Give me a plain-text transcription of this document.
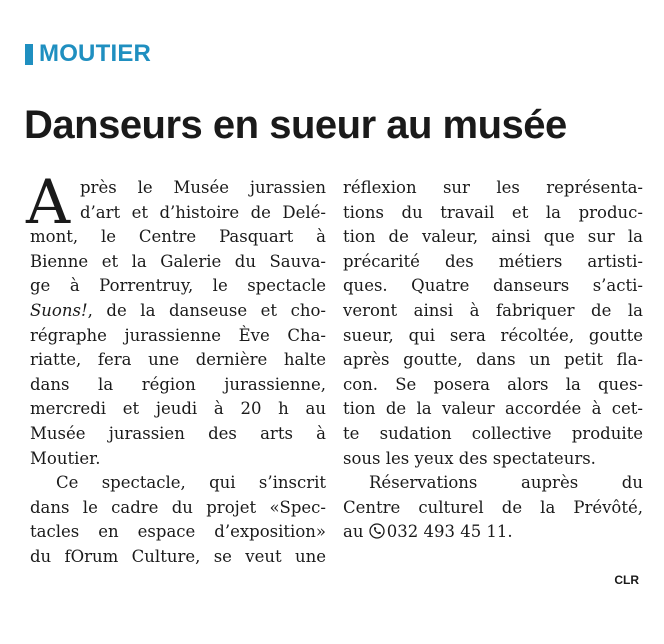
MOUTIER
Danseurs en sueur au musée
A près le Musée jurassien
d’art et d’histoire de Delé-
mont, le Centre Pasquart à
Bienne et la Galerie du Sauva-
ge à Porrentruy, le spectacle
Suons!, de la danseuse et cho-
régraphe jurassienne Ève Cha-
riatte, fera une dernière halte
dans la région jurassienne,
mercredi et jeudi à 20 h au
Musée jurassien des arts à
Moutier.
Ce spectacle, qui s’inscrit
dans le cadre du projet «Spec-
tacles en espace d’exposition»
du fOrum Culture, se veut une
réflexion sur les représenta-
tions du travail et la produc-
tion de valeur, ainsi que sur la
précarité des métiers artisti-
ques. Quatre danseurs s’acti-
veront ainsi à fabriquer de la
sueur, qui sera récoltée, goutte
après goutte, dans un petit fla-
con. Se posera alors la ques-
tion de la valeur accordée à cet-
te sudation collective produite
sous les yeux des spectateurs.
Réservations auprès du
Centre culturel de la Prévôté,
au 032 493 45 11.
CLR
